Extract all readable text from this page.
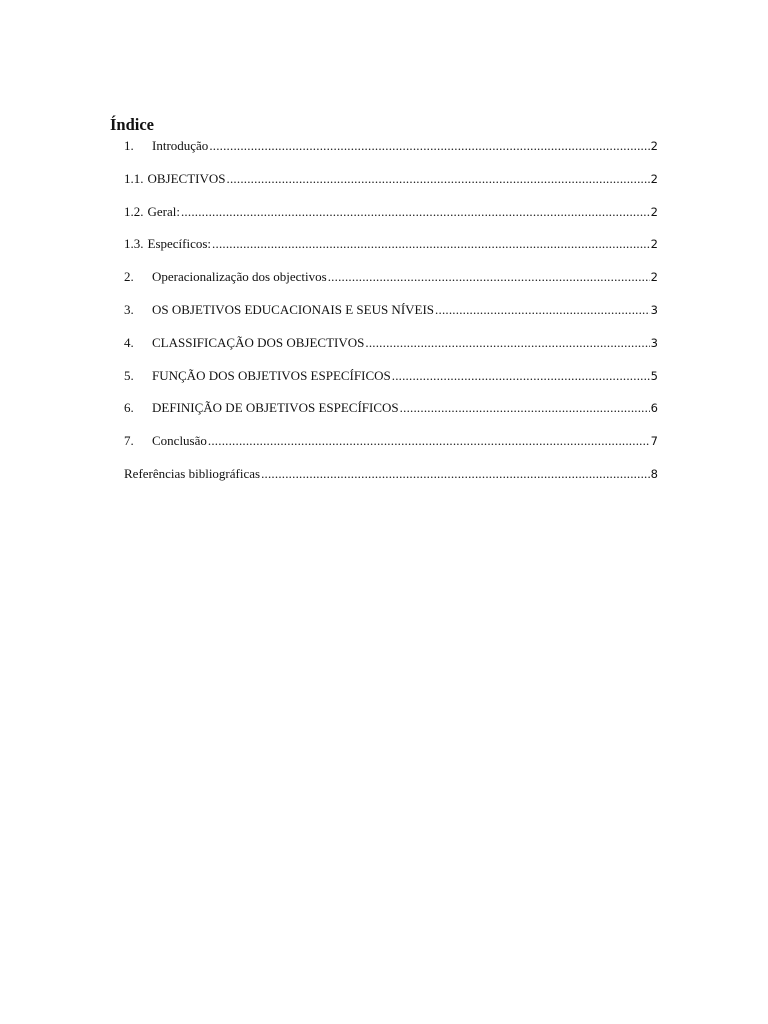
Índice
1.	Introdução .....	2
1.1. OBJECTIVOS .....	2
1.2. Geral: .....	2
1.3. Específicos: .....	2
2.	Operacionalização dos objectivos .....	2
3.	OS OBJETIVOS EDUCACIONAIS E SEUS NÍVEIS .....	3
4.	CLASSIFICAÇÃO DOS OBJECTIVOS .....	3
5.	FUNÇÃO DOS OBJETIVOS ESPECÍFICOS .....	5
6.	DEFINIÇÃO DE OBJETIVOS ESPECÍFICOS .....	6
7.	Conclusão .....	7
Referências bibliográficas .....	8
